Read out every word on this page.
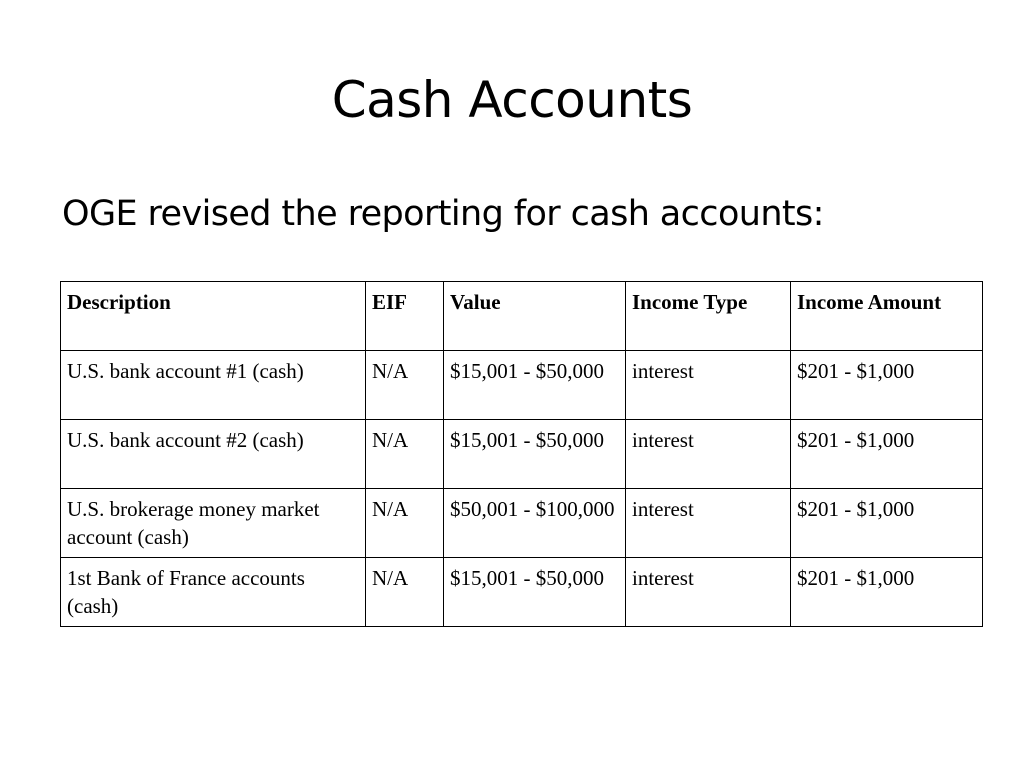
Cash Accounts
OGE revised the reporting for cash accounts:
Description	EIF	Value	Income Type	Income Amount
U.S. bank account #1 (cash)	N/A	$15,001 - $50,000	interest	$201 - $1,000
U.S. bank account #2 (cash)	N/A	$15,001 - $50,000	interest	$201 - $1,000
U.S. brokerage money market account (cash)	N/A	$50,001 - $100,000	interest	$201 - $1,000
1st Bank of France accounts (cash)	N/A	$15,001 - $50,000	interest	$201 - $1,000
